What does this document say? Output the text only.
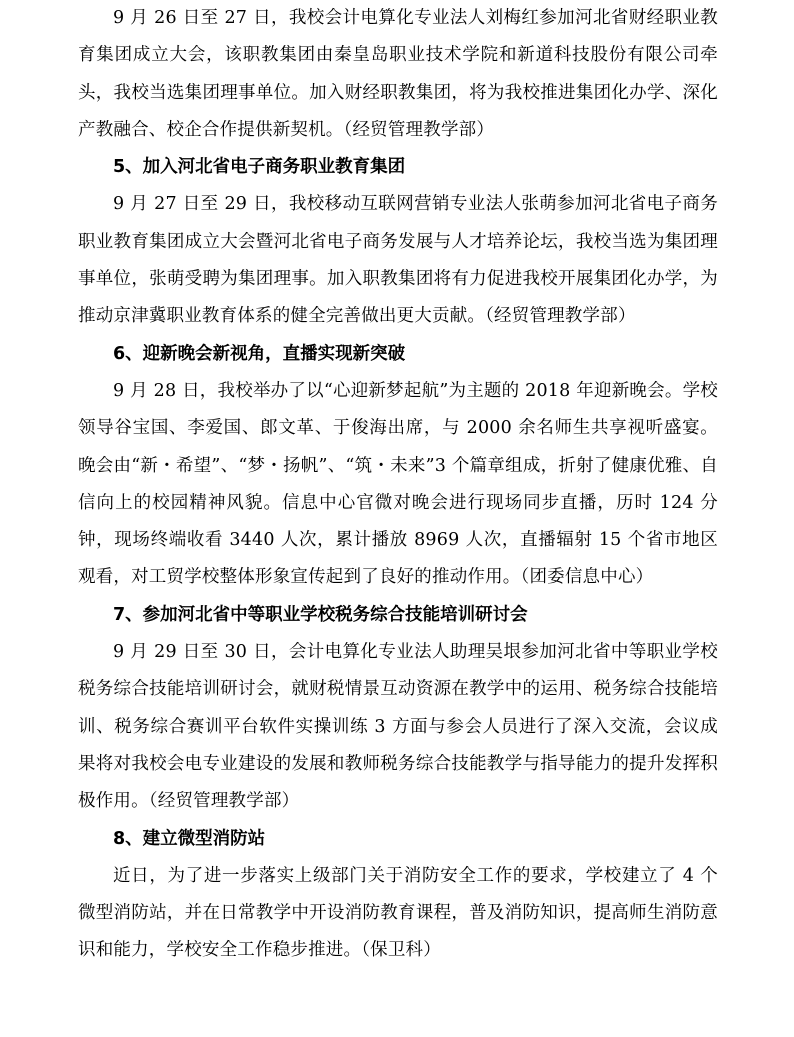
9 月 26 日至 27 日，我校会计电算化专业法人刘梅红参加河北省财经职业教育集团成立大会，该职教集团由秦皇岛职业技术学院和新道科技股份有限公司牵头，我校当选集团理事单位。加入财经职教集团，将为我校推进集团化办学、深化产教融合、校企合作提供新契机。（经贸管理教学部）

5、加入河北省电子商务职业教育集团

9 月 27 日至 29 日，我校移动互联网营销专业法人张萌参加河北省电子商务职业教育集团成立大会暨河北省电子商务发展与人才培养论坛，我校当选为集团理事单位，张萌受聘为集团理事。加入职教集团将有力促进我校开展集团化办学，为推动京津冀职业教育体系的健全完善做出更大贡献。（经贸管理教学部）

6、迎新晚会新视角，直播实现新突破

9 月 28 日，我校举办了以“心迎新梦起航”为主题的 2018 年迎新晚会。学校领导谷宝国、李爱国、郎文革、于俊海出席，与 2000 余名师生共享视听盛宴。晚会由“新・希望”、“梦・扬帆”、“筑・未来”3 个篇章组成，折射了健康优雅、自信向上的校园精神风貌。信息中心官微对晚会进行现场同步直播，历时 124 分钟，现场终端收看 3440 人次，累计播放 8969 人次，直播辐射 15 个省市地区观看，对工贸学校整体形象宣传起到了良好的推动作用。（团委信息中心）

7、参加河北省中等职业学校税务综合技能培训研讨会

9 月 29 日至 30 日，会计电算化专业法人助理吴垠参加河北省中等职业学校税务综合技能培训研讨会，就财税情景互动资源在教学中的运用、税务综合技能培训、税务综合赛训平台软件实操训练 3 方面与参会人员进行了深入交流，会议成果将对我校会电专业建设的发展和教师税务综合技能教学与指导能力的提升发挥积极作用。（经贸管理教学部）

8、建立微型消防站

近日，为了进一步落实上级部门关于消防安全工作的要求，学校建立了 4 个微型消防站，并在日常教学中开设消防教育课程，普及消防知识，提高师生消防意识和能力，学校安全工作稳步推进。（保卫科）
